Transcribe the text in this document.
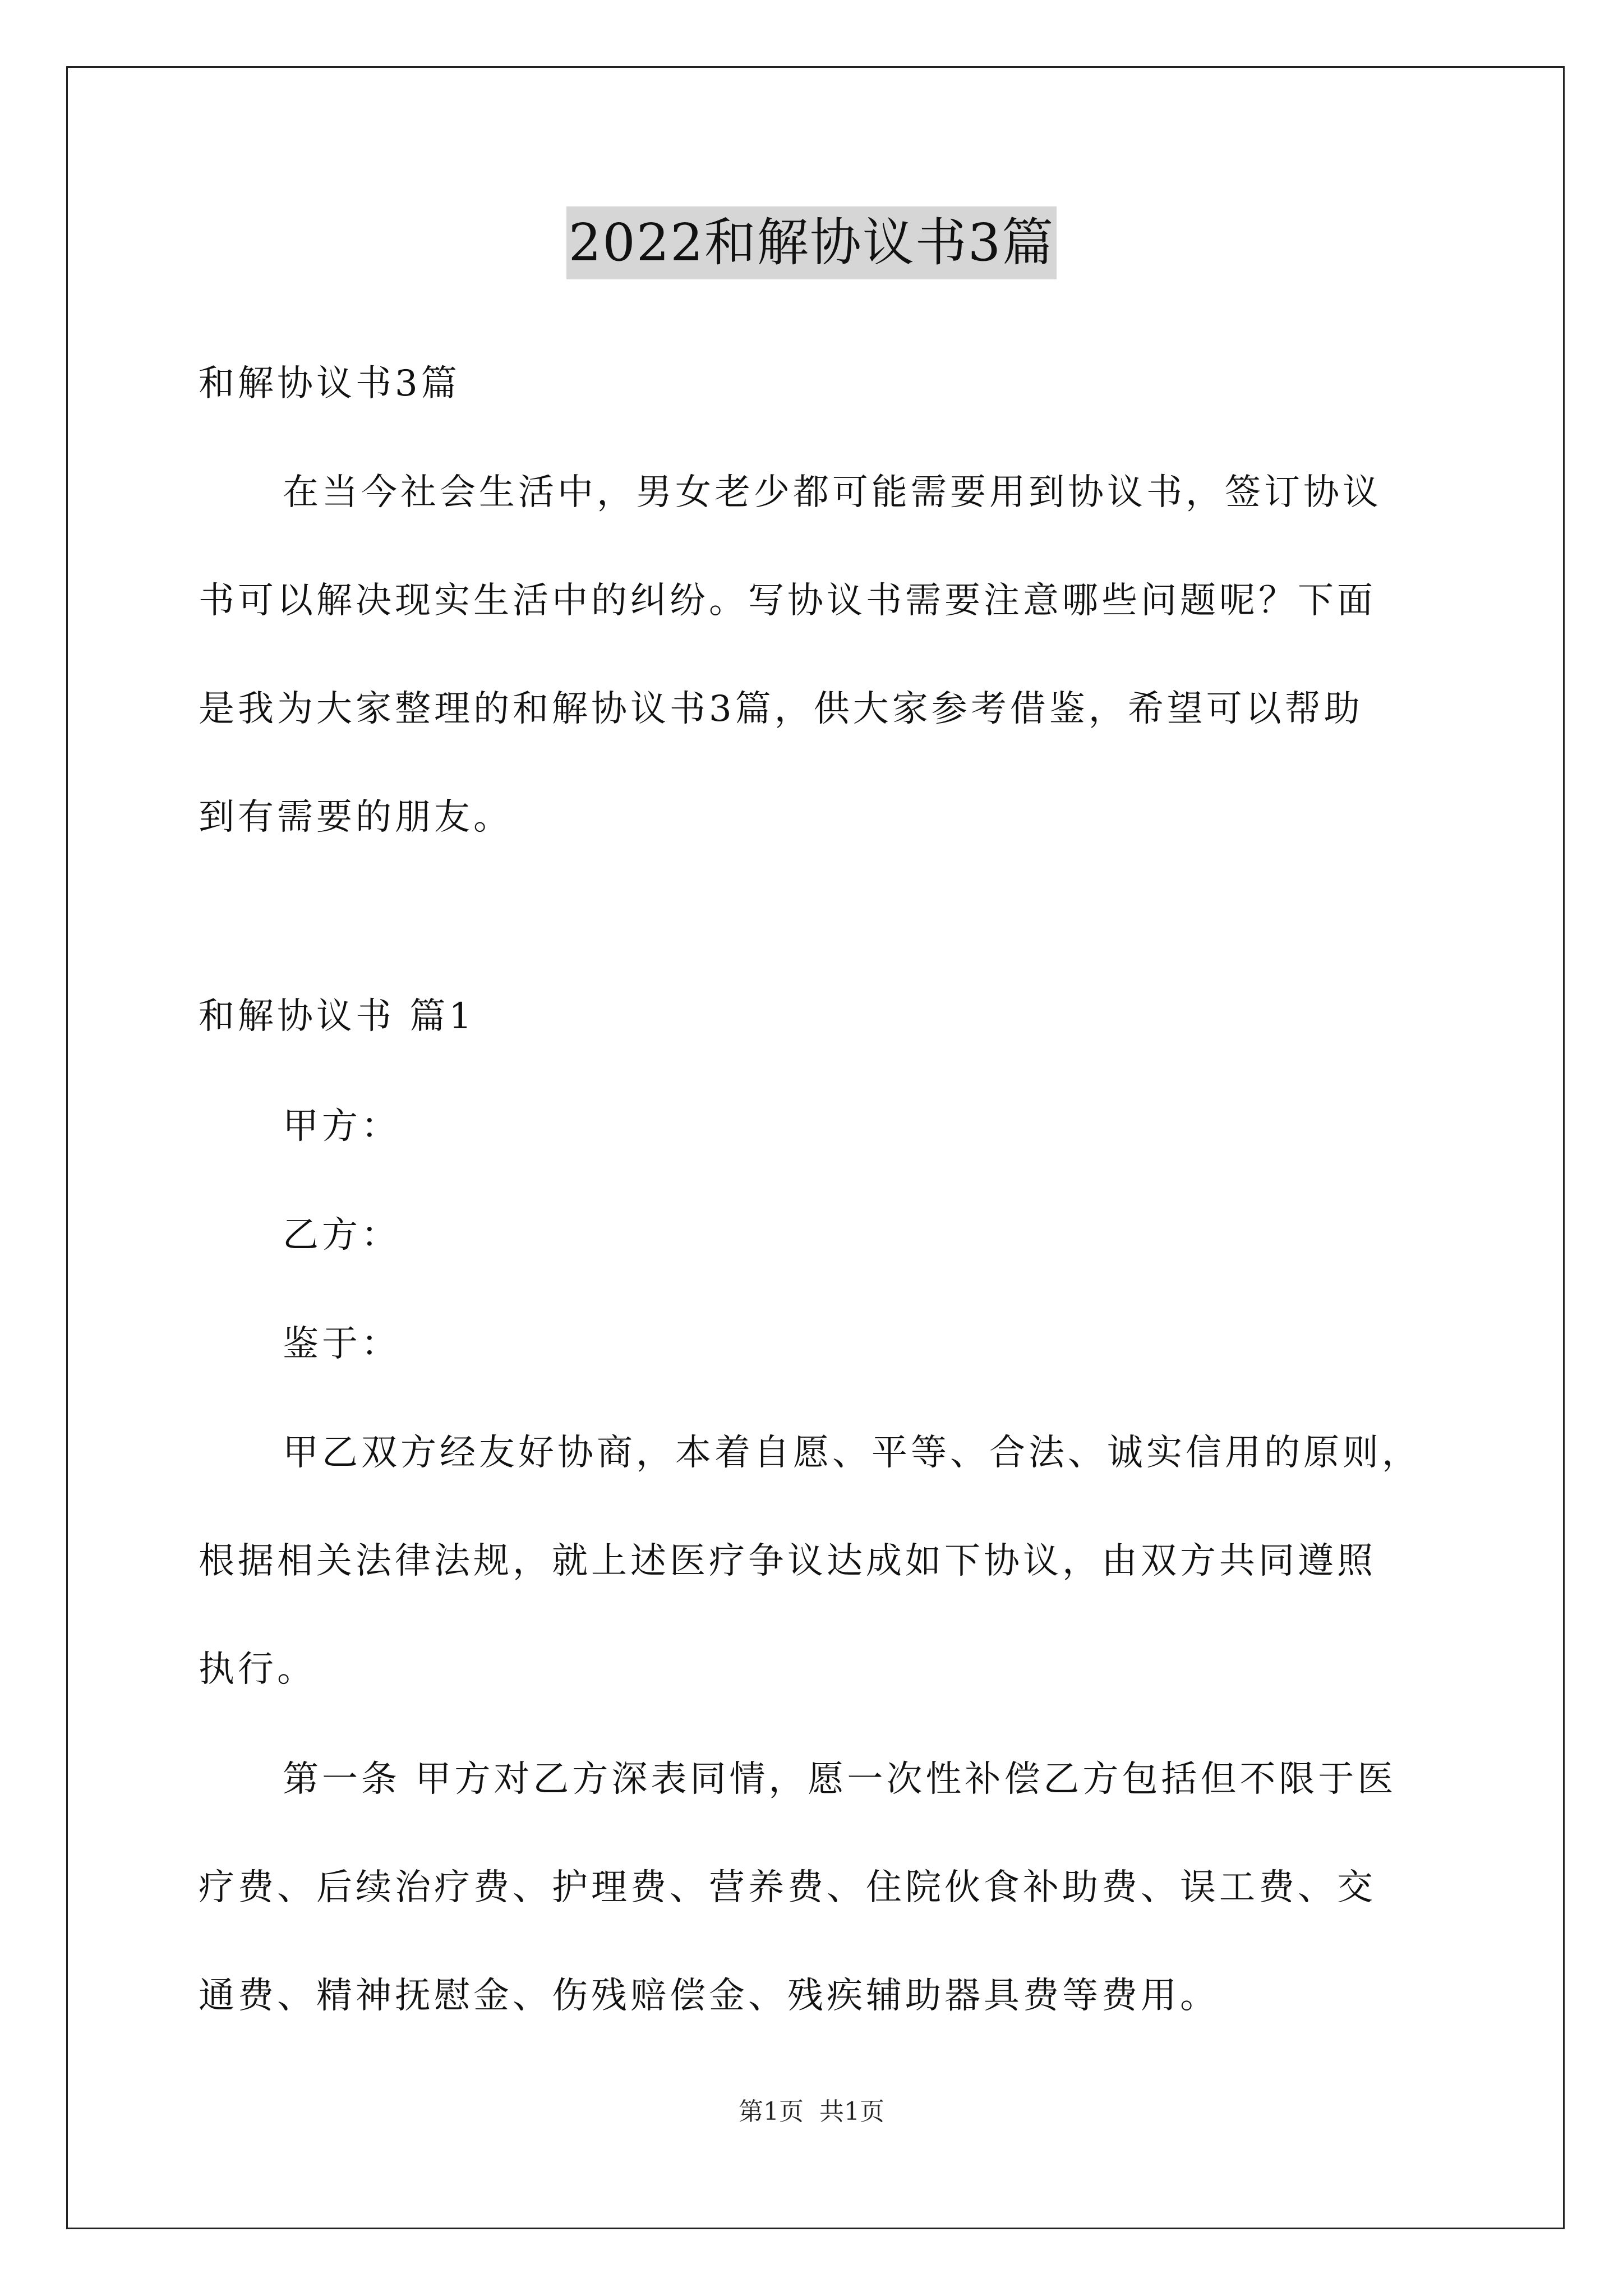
2022和解协议书3篇
和解协议书3篇
在当今社会生活中，男女老少都可能需要用到协议书，签订协议
书可以解决现实生活中的纠纷。写协议书需要注意哪些问题呢？下面
是我为大家整理的和解协议书3篇，供大家参考借鉴，希望可以帮助
到有需要的朋友。
和解协议书 篇1
甲方：
乙方：
鉴于：
甲乙双方经友好协商，本着自愿、平等、合法、诚实信用的原则，
根据相关法律法规，就上述医疗争议达成如下协议，由双方共同遵照
执行。
第一条 甲方对乙方深表同情，愿一次性补偿乙方包括但不限于医
疗费、后续治疗费、护理费、营养费、住院伙食补助费、误工费、交
通费、精神抚慰金、伤残赔偿金、残疾辅助器具费等费用。
第1页 共1页
